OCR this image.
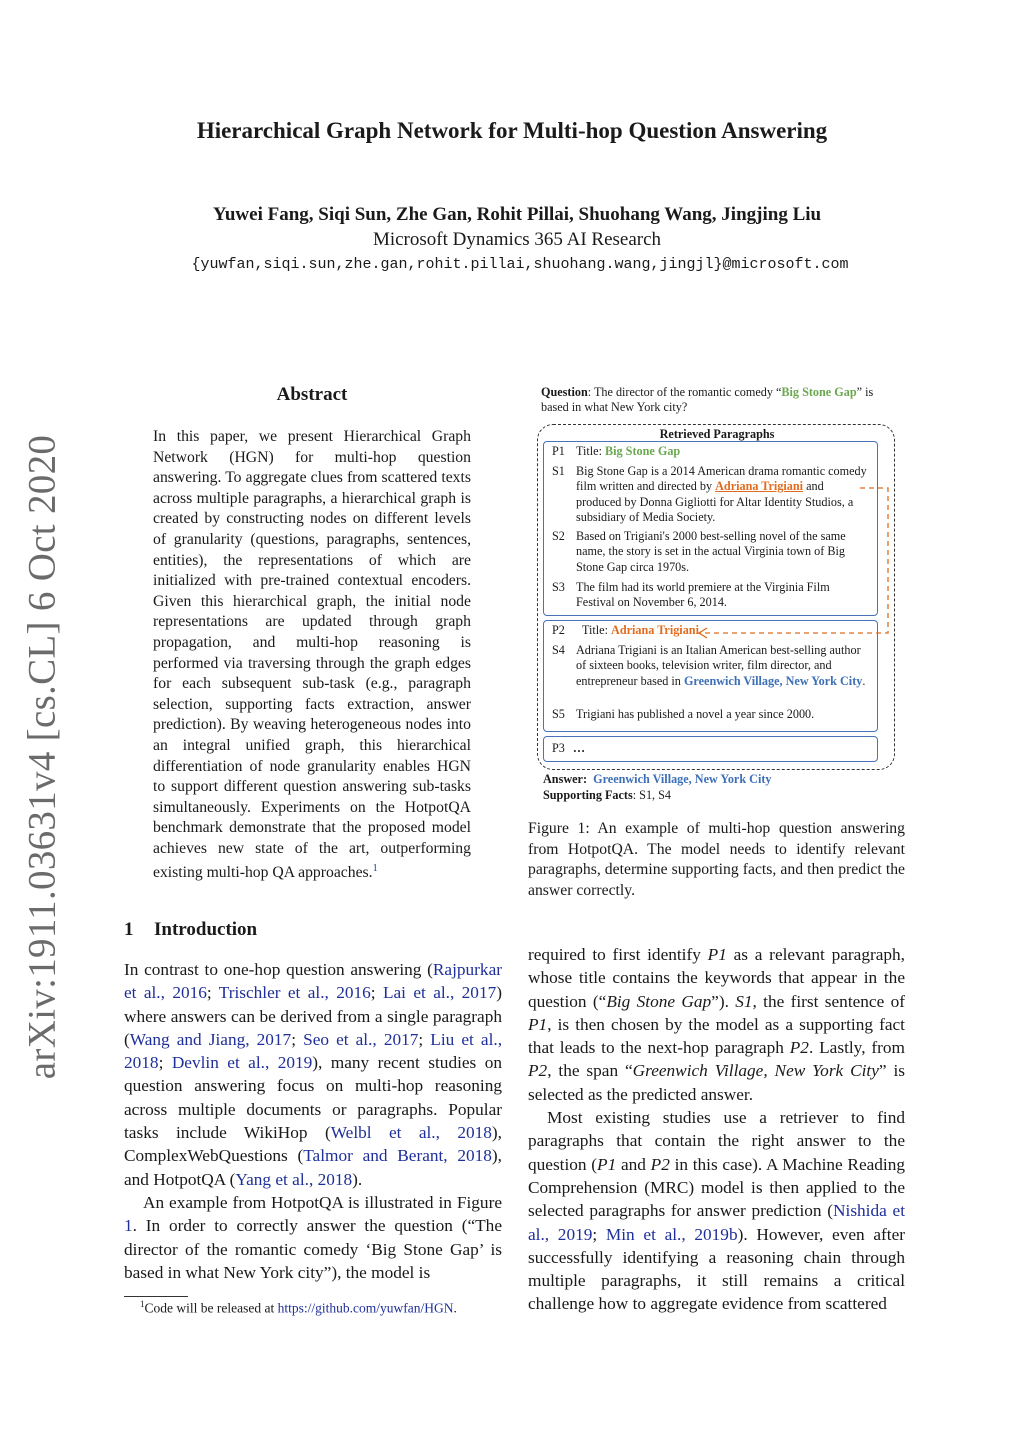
arXiv:1911.03631v4 [cs.CL] 6 Oct 2020
Hierarchical Graph Network for Multi-hop Question Answering
Yuwei Fang, Siqi Sun, Zhe Gan, Rohit Pillai, Shuohang Wang, Jingjing Liu
Microsoft Dynamics 365 AI Research
{yuwfan,siqi.sun,zhe.gan,rohit.pillai,shuohang.wang,jingjl}@microsoft.com
Abstract
In this paper, we present Hierarchical Graph Network (HGN) for multi-hop question answering. To aggregate clues from scattered texts across multiple paragraphs, a hierarchical graph is created by constructing nodes on different levels of granularity (questions, paragraphs, sentences, entities), the representations of which are initialized with pre-trained contextual encoders. Given this hierarchical graph, the initial node representations are updated through graph propagation, and multi-hop reasoning is performed via traversing through the graph edges for each subsequent sub-task (e.g., paragraph selection, supporting facts extraction, answer prediction). By weaving heterogeneous nodes into an integral unified graph, this hierarchical differentiation of node granularity enables HGN to support different question answering sub-tasks simultaneously. Experiments on the HotpotQA benchmark demonstrate that the proposed model achieves new state of the art, outperforming existing multi-hop QA approaches.$^1$
1 Introduction

In contrast to one-hop question answering (Rajpurkar et al., 2016; Trischler et al., 2016; Lai et al., 2017) where answers can be derived from a single paragraph (Wang and Jiang, 2017; Seo et al., 2017; Liu et al., 2018; Devlin et al., 2019), many recent studies on question answering focus on multi-hop reasoning across multiple documents or paragraphs. Popular tasks include WikiHop (Welbl et al., 2018), ComplexWebQuestions (Talmor and Berant, 2018), and HotpotQA (Yang et al., 2018).

An example from HotpotQA is illustrated in Figure 1. In order to correctly answer the question (“The director of the romantic comedy ‘Big Stone Gap’ is based in what New York city”), the model is

$^1$Code will be released at https://github.com/yuwfan/HGN.

required to first identify P1 as a relevant paragraph, whose title contains the keywords that appear in the question (“Big Stone Gap”). S1, the first sentence of P1, is then chosen by the model as a supporting fact that leads to the next-hop paragraph P2. Lastly, from P2, the span “Greenwich Village, New York City” is selected as the predicted answer.

Most existing studies use a retriever to find paragraphs that contain the right answer to the question (P1 and P2 in this case). A Machine Reading Comprehension (MRC) model is then applied to the selected paragraphs for answer prediction (Nishida et al., 2019; Min et al., 2019b). However, even after successfully identifying a reasoning chain through multiple paragraphs, it still remains a critical challenge how to aggregate evidence from scattered

Question: The director of the romantic comedy “Big Stone Gap” is based in what New York city?
Retrieved Paragraphs
P1 Title: Big Stone Gap
S1 Big Stone Gap is a 2014 American drama romantic comedy film written and directed by Adriana Trigiani and produced by Donna Gigliotti for Altar Identity Studios, a subsidiary of Media Society.
S2 Based on Trigiani's 2000 best-selling novel of the same name, the story is set in the actual Virginia town of Big Stone Gap circa 1970s.
S3 The film had its world premiere at the Virginia Film Festival on November 6, 2014.
P2 Title: Adriana Trigiani
S4 Adriana Trigiani is an Italian American best-selling author of sixteen books, television writer, film director, and entrepreneur based in Greenwich Village, New York City.
S5 Trigiani has published a novel a year since 2000.
P3 …
Answer: Greenwich Village, New York City
Supporting Facts: S1, S4
Figure 1: An example of multi-hop question answering from HotpotQA. The model needs to identify relevant paragraphs, determine supporting facts, and then predict the answer correctly.
